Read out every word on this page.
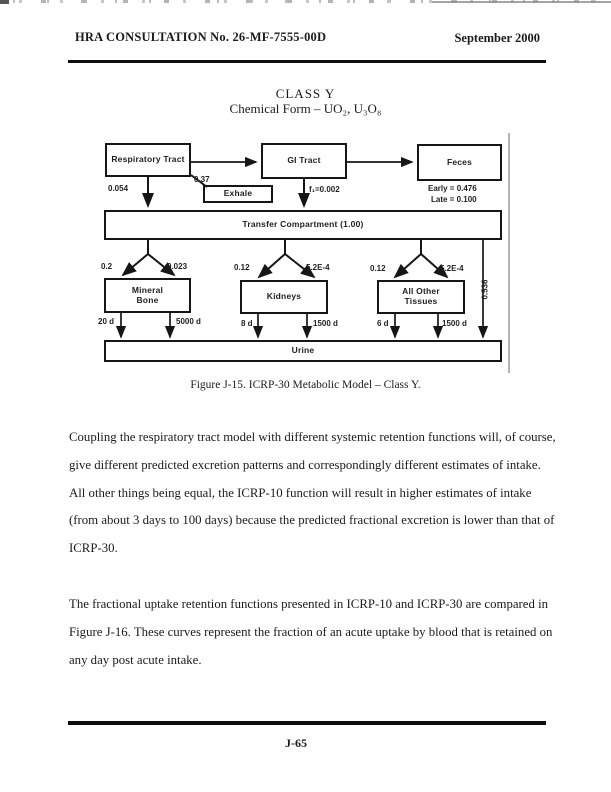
HRA CONSULTATION No. 26-MF-7555-00D	September 2000
CLASS Y
Chemical Form – UO₂, U₃O₈
Respiratory Tract	GI Tract	Feces
Exhale
Transfer Compartment (1.00)
Mineral Bone	Kidneys	All Other Tissues
Urine
0.054
0.37
f₁=0.002	Early = 0.476
Late = 0.100
0.2	0.023	0.12	5.2E-4	0.12	5.2E-4
0.536
20 d	5000 d	8 d	1500 d	6 d	1500 d
Figure J-15. ICRP-30 Metabolic Model – Class Y.
Coupling the respiratory tract model with different systemic retention functions will, of course,
give different predicted excretion patterns and correspondingly different estimates of intake.
All other things being equal, the ICRP-10 function will result in higher estimates of intake
(from about 3 days to 100 days) because the predicted fractional excretion is lower than that of
ICRP-30.
The fractional uptake retention functions presented in ICRP-10 and ICRP-30 are compared in
Figure J-16. These curves represent the fraction of an acute uptake by blood that is retained on
any day post acute intake.
J-65
